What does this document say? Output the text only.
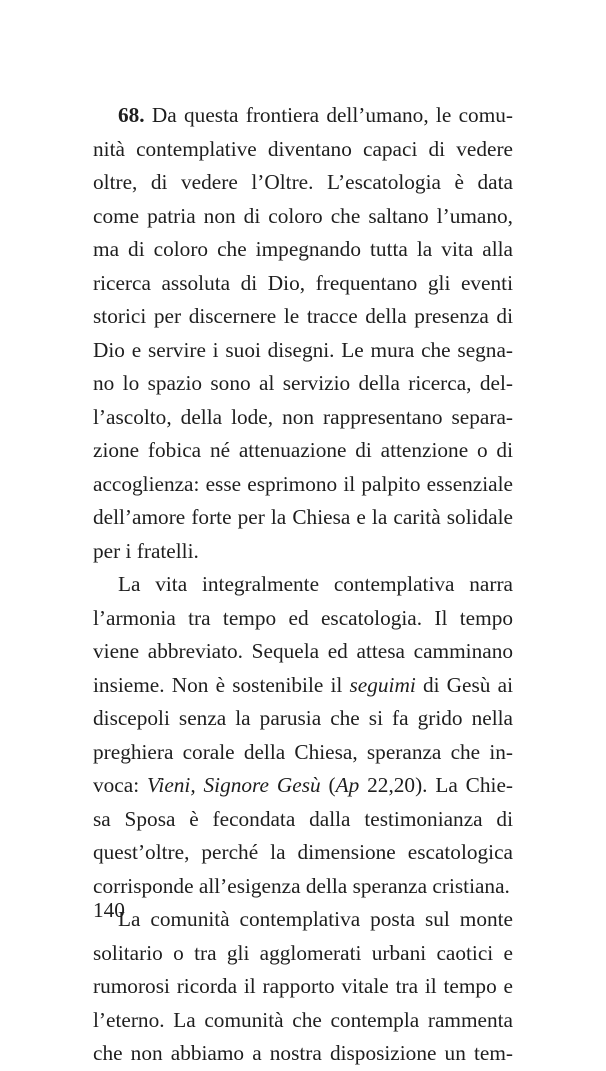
68. Da questa frontiera dell’umano, le comu-
nità contemplative diventano capaci di vedere
oltre, di vedere l’Oltre. L’escatologia è data
come patria non di coloro che saltano l’umano,
ma di coloro che impegnando tutta la vita alla
ricerca assoluta di Dio, frequentano gli eventi
storici per discernere le tracce della presenza di
Dio e servire i suoi disegni. Le mura che segna-
no lo spazio sono al servizio della ricerca, del-
l’ascolto, della lode, non rappresentano separa-
zione fobica né attenuazione di attenzione o di
accoglienza: esse esprimono il palpito essenziale
dell’amore forte per la Chiesa e la carità solidale
per i fratelli.
La vita integralmente contemplativa narra
l’armonia tra tempo ed escatologia. Il tempo
viene abbreviato. Sequela ed attesa camminano
insieme. Non è sostenibile il seguimi di Gesù ai
discepoli senza la parusia che si fa grido nella
preghiera corale della Chiesa, speranza che in-
voca: Vieni, Signore Gesù (Ap 22,20). La Chie-
sa Sposa è fecondata dalla testimonianza di
quest’oltre, perché la dimensione escatologica
corrisponde all’esigenza della speranza cristiana.
La comunità contemplativa posta sul monte
solitario o tra gli agglomerati urbani caotici e
rumorosi ricorda il rapporto vitale tra il tempo e
l’eterno. La comunità che contempla rammenta
che non abbiamo a nostra disposizione un tem-
140
